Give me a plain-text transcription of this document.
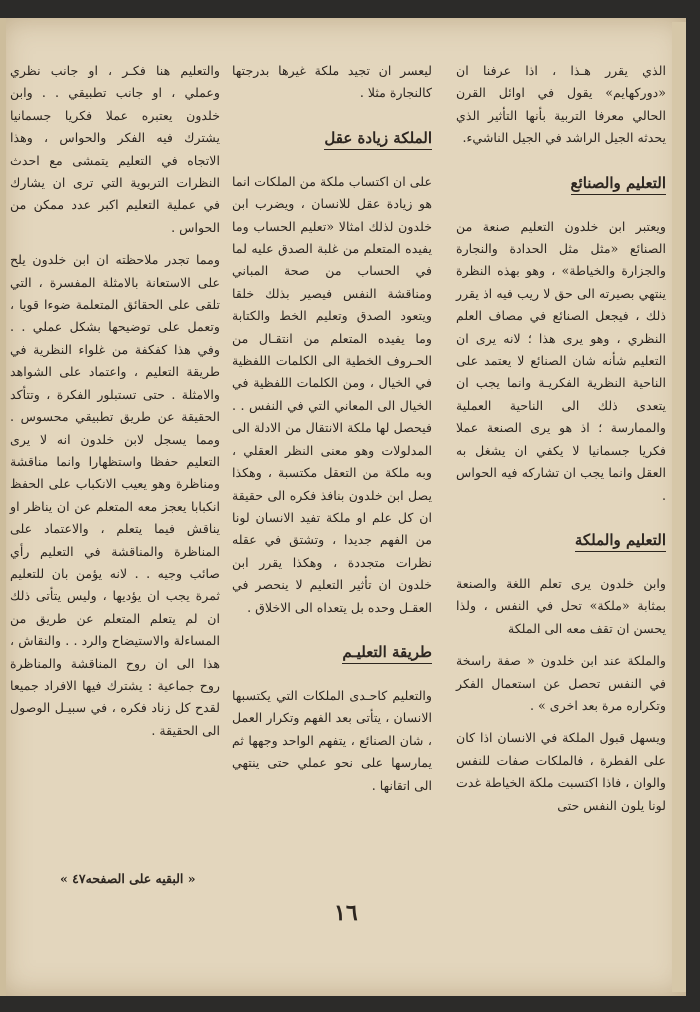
الذي يقرر هـذا ، اذا عرفنا ان «دوركهايم» يقول في اوائل القرن الحالي معرفا التربية بأنها التأثير الذي يحدثه الجيل الراشد في الجيل الناشيء.

التعليم والصنائع

ويعتبر ابن خلدون التعليم صنعة من الصنائع «مثل مثل الحدادة والنجارة والجزارة والخياطة» ، وهو بهذه النظرة ينتهي بصيرته الى حق لا ريب فيه اذ يقرر ذلك ، فيجعل الصنائع في مصاف العلم النظري ، وهو يرى هذا ؛ لانه يرى ان التعليم شأنه شان الصنائع لا يعتمد على الناحية النظرية الفكريـة وانما يجب ان يتعدى ذلك الى الناحية العملية والممارسة ؛ اذ هو يرى الصنعة عملا فكريا جسمانيا لا يكفي ان يشغل به العقل وانما يجب ان تشاركه فيه الحواس .

التعليم والملكة

وابن خلدون يرى تعلم اللغة والصنعة بمثابة «ملكة» تحل في النفس ، ولذا يحسن ان تقف معه الى الملكة

والملكة عند ابن خلدون « صفة راسخة في النفس تحصل عن استعمال الفكر وتكراره مرة بعد اخرى » .

ويسهل قبول الملكة في الانسان اذا كان على الفطرة ، فالملكات صفات للنفس والوان ، فاذا اكتسبت ملكة الخياطة غدت لونا يلون النفس حتى

ليعسر ان تجيد ملكة غيرها بدرجتها كالنجارة مثلا .

الملكة زيادة عقل

على ان اكتساب ملكة من الملكات انما هو زيادة عقل للانسان ، ويضرب ابن خلدون لذلك امثالا «تعليم الحساب وما يفيده المتعلم من غلبة الصدق عليه لما في الحساب من صحة المباني ومناقشة النفس فيصير بذلك خلقا ويتعود الصدق وتعليم الخط والكتابة وما يفيده المتعلم من انتقـال من الحـروف الخطية الى الكلمات اللفظية في الخيال ، ومن الكلمات اللفظية في الخيال الى المعاني التي في النفس . . فيحصل لها ملكة الانتقال من الادلة الى المدلولات وهو معنى النظر العقلي ، وبه ملكة من التعقل مكتسبة ، وهكذا يصل ابن خلدون بنافذ فكره الى حقيقة ان كل علم او ملكة تفيد الانسان لونا من الفهم جديدا ، وتشتق في عقله نظرات متجددة ، وهكذا يقرر ابن خلدون ان تأثير التعليم لا ينحصر في العقـل وحده بل يتعداه الى الاخلاق .

طريقة التعليـم

والتعليم كاحـدى الملكات التي يكتسبها الانسان ، يتأتى بعد الفهم وتكرار العمل ، شان الصنائع ، يتفهم الواحد وجهها ثم يمارسها على نحو عملي حتى ينتهي الى اتقانها .

والتعليم هنا فكـر ، او جانب نظري وعملي ، او جانب تطبيقي . . وابن خلدون يعتبره عملا فكريا جسمانيا يشترك فيه الفكر والحواس ، وهذا الاتجاه في التعليم يتمشى مع احدث النظرات التربوية التي ترى ان يشارك في عملية التعليم اكبر عدد ممكن من الحواس .

ومما تجدر ملاحظته ان ابن خلدون يلح على الاستعانة بالامثلة المفسرة ، التي تلقى على الحقائق المتعلمة ضوءا قويا ، وتعمل على توضيحها بشكل عملي . . وفي هذا كفكفة من غلواء النظرية في طريقة التعليم ، واعتماد على الشواهد والامثلة . حتى تستبلور الفكرة ، وتتأكد الحقيقة عن طريق تطبيقي محسوس . ومما يسجل لابن خلدون انه لا يرى التعليم حفظا واستظهارا وانما مناقشة ومناظرة وهو يعيب الانكباب على الحفظ انكبابا يعجز معه المتعلم عن ان يناظر او يناقش فيما يتعلم ، والاعتماد على المناظرة والمناقشة في التعليم رأي صائب وجيه . . لانه يؤمن بان للتعليم ثمرة يجب ان يؤديها ، وليس يتأتى ذلك ان لم يتعلم المتعلم عن طريق من المساءلة والاستيضاح والرد . . والنقاش ، هذا الى ان روح المناقشة والمناظرة روح جماعية : يشترك فيها الافراد جميعا لقدح كل زناد فكره ، في سبيـل الوصول الى الحقيقة .

« البقيه على الصفحه٤٧ »
١٦
